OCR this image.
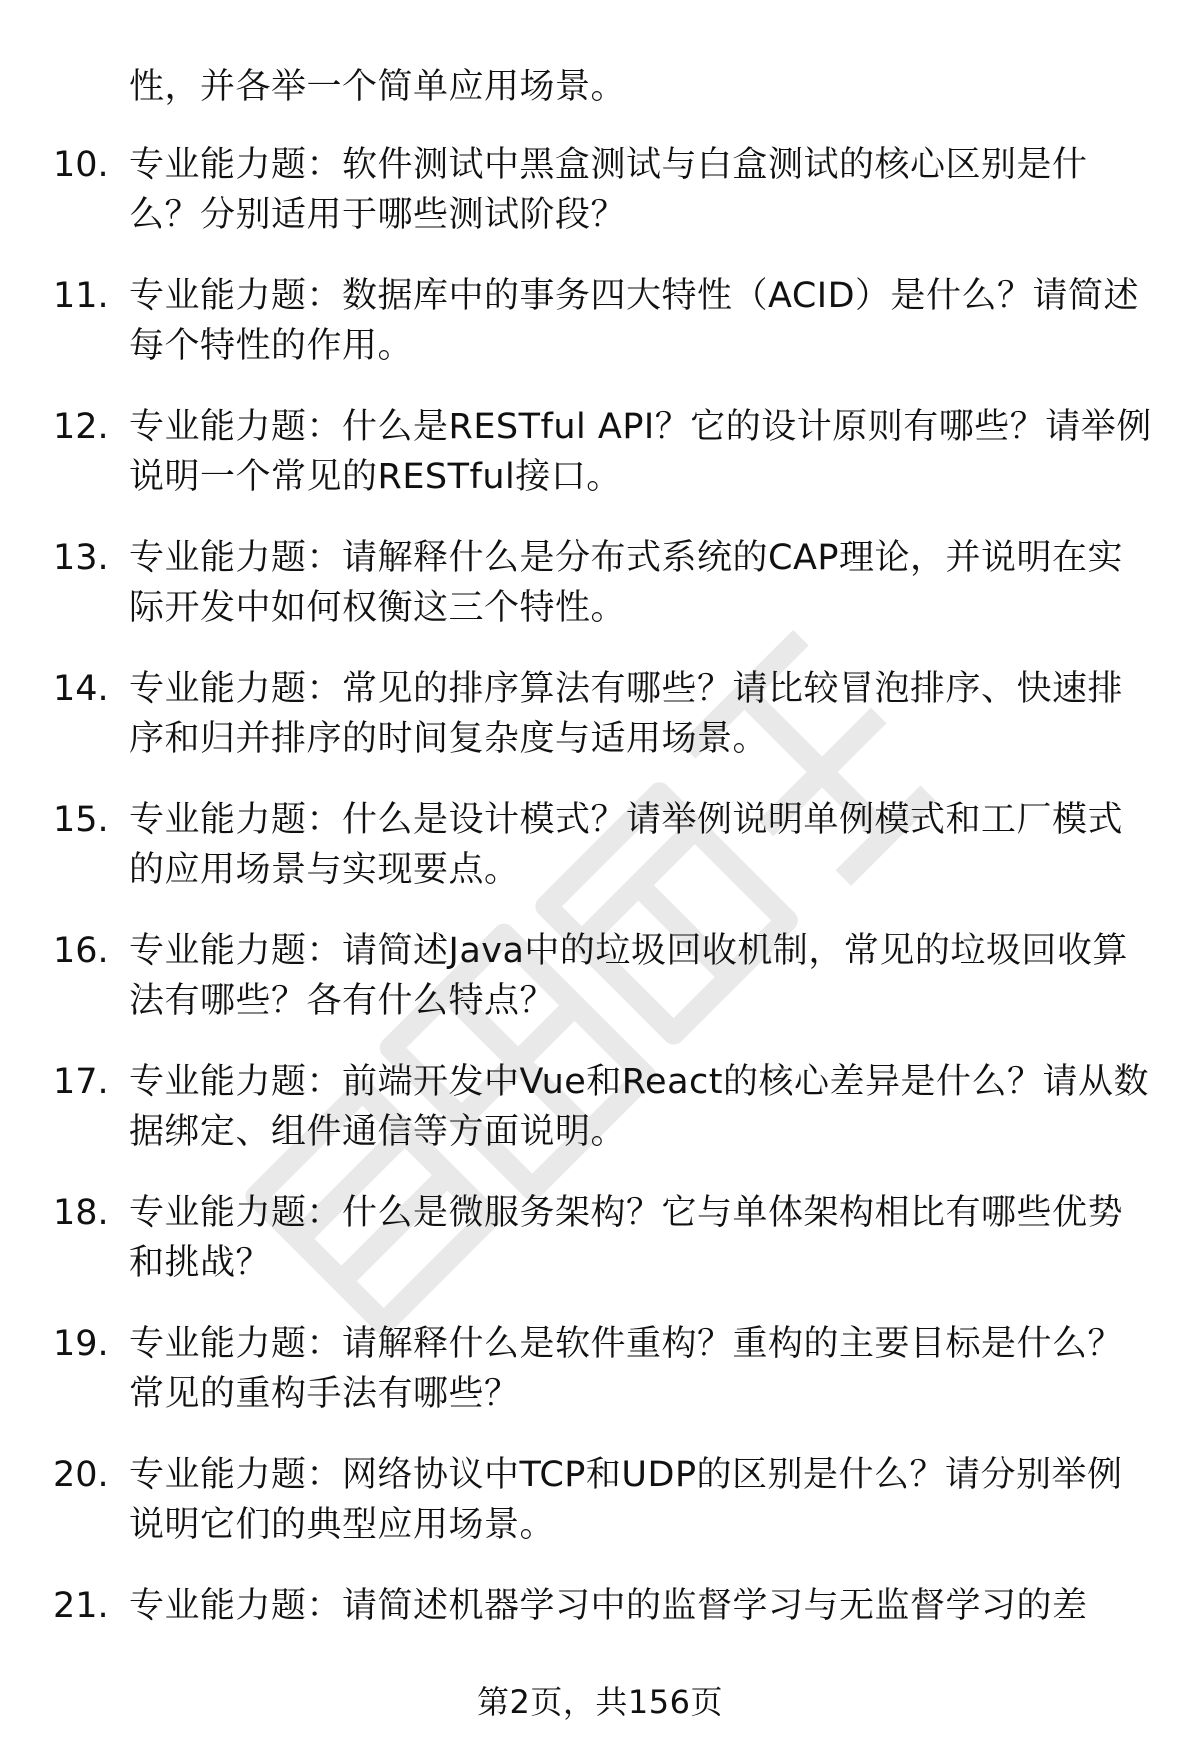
性，并各举一个简单应用场景。
10. 专业能力题：软件测试中黑盒测试与白盒测试的核心区别是什
么？分别适用于哪些测试阶段？
11. 专业能力题：数据库中的事务四大特性（ACID）是什么？请简述
每个特性的作用。
12. 专业能力题：什么是RESTful API？它的设计原则有哪些？请举例
说明一个常见的RESTful接口。
13. 专业能力题：请解释什么是分布式系统的CAP理论，并说明在实
际开发中如何权衡这三个特性。
14. 专业能力题：常见的排序算法有哪些？请比较冒泡排序、快速排
序和归并排序的时间复杂度与适用场景。
15. 专业能力题：什么是设计模式？请举例说明单例模式和工厂模式
的应用场景与实现要点。
16. 专业能力题：请简述Java中的垃圾回收机制，常见的垃圾回收算
法有哪些？各有什么特点？
17. 专业能力题：前端开发中Vue和React的核心差异是什么？请从数
据绑定、组件通信等方面说明。
18. 专业能力题：什么是微服务架构？它与单体架构相比有哪些优势
和挑战？
19. 专业能力题：请解释什么是软件重构？重构的主要目标是什么？
常见的重构手法有哪些？
20. 专业能力题：网络协议中TCP和UDP的区别是什么？请分别举例
说明它们的典型应用场景。
21. 专业能力题：请简述机器学习中的监督学习与无监督学习的差
第2页，共156页
